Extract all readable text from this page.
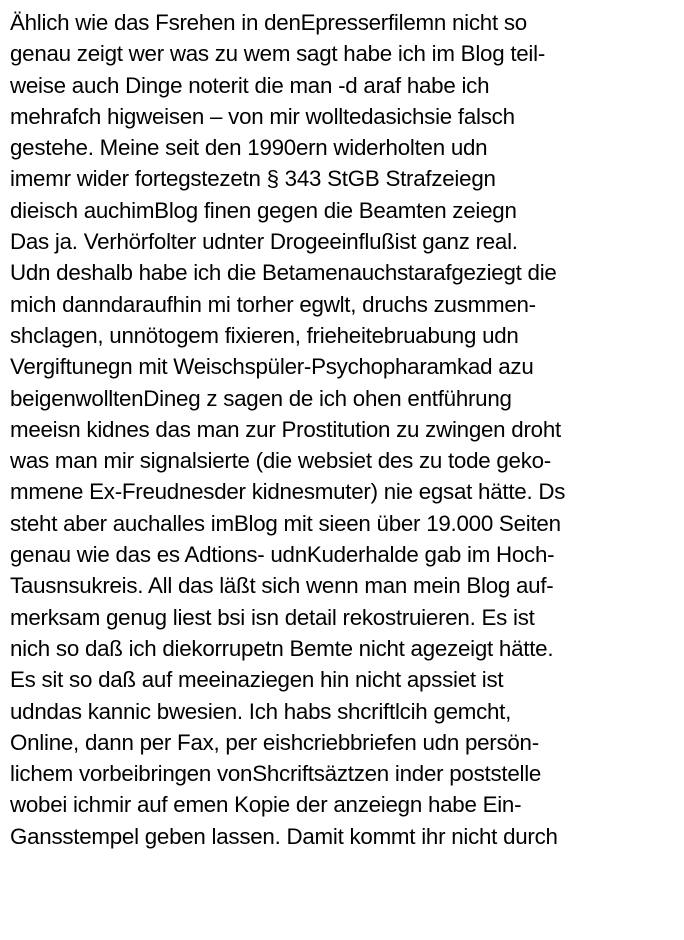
Ählich wie das Fsrehen in denEpresserfilemn nicht so
genau zeigt wer was zu wem sagt habe ich im Blog teil-
weise auch Dinge noterit die man -d araf habe ich
mehrafch higweisen – von mir wolltedasichsie falsch
gestehe. Meine seit den 1990ern widerholten udn
imemr wider fortegstezetn § 343 StGB Strafzeiegn
dieisch auchimBlog finen gegen die Beamten zeiegn
Das ja. Verhörfolter udnter Drogeeinflußist ganz real.
Udn deshalb habe ich die Betamenauchstarafgeziegt die
mich danndaraufhin mi torher egwlt, druchs zusmmen-
shclagen, unnötogem fixieren, frieheitebruabung udn
Vergiftunegn mit Weischspüler-Psychopharamkad azu
beigenwolltenDineg z sagen de ich ohen entführung
meeisn kidnes das man zur Prostitution zu zwingen droht
was man mir signalsierte (die websiet des zu tode geko-
mmene Ex-Freudnesder kidnesmuter) nie egsat hätte. Ds
steht aber auchalles imBlog mit sieen über 19.000 Seiten
genau wie das es Adtions- udnKuderhalde gab im Hoch-
Tausnsukreis. All das läßt sich wenn man mein Blog auf-
merksam genug liest bsi isn detail rekostruieren. Es ist
nich so daß ich diekorrupetn Bemte nicht agezeigt hätte.
Es sit so daß auf meeinaziegen hin nicht apssiet ist
udndas kannic bwesien. Ich habs shcriftlcih gemcht,
Online, dann per Fax, per eishcriebbriefen udn persön-
lichem vorbeibringen vonShcriftsäztzen inder poststelle
wobei ichmir auf emen Kopie der anzeiegn habe Ein-
Gansstempel geben lassen. Damit kommt ihr nicht durch
